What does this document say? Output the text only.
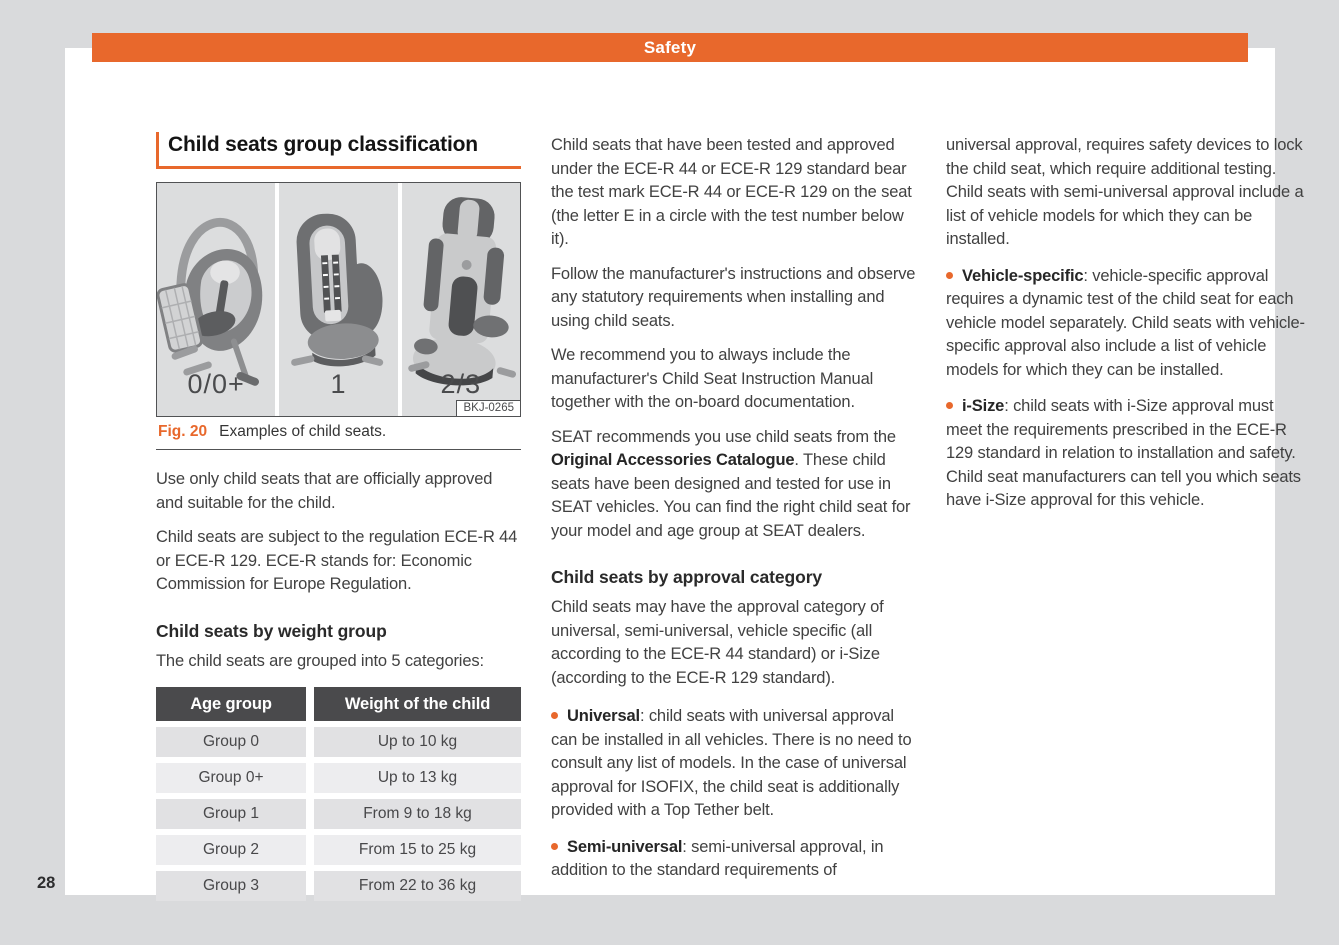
Safety
Child seats group classification
0/0+	1	2/3
BKJ-0265
Fig. 20 Examples of child seats.

Use only child seats that are officially approved and suitable for the child.

Child seats are subject to the regulation ECE-R 44 or ECE-R 129. ECE-R stands for: Economic Commission for Europe Regulation.

Child seats by weight group

The child seats are grouped into 5 categories:

Age group	Weight of the child
Group 0	Up to 10 kg
Group 0+	Up to 13 kg
Group 1	From 9 to 18 kg
Group 2	From 15 to 25 kg
Group 3	From 22 to 36 kg

Child seats that have been tested and approved under the ECE-R 44 or ECE-R 129 standard bear the test mark ECE-R 44 or ECE-R 129 on the seat (the letter E in a circle with the test number below it).

Follow the manufacturer's instructions and observe any statutory requirements when installing and using child seats.

We recommend you to always include the manufacturer's Child Seat Instruction Manual together with the on-board documentation.

SEAT recommends you use child seats from the Original Accessories Catalogue. These child seats have been designed and tested for use in SEAT vehicles. You can find the right child seat for your model and age group at SEAT dealers.

Child seats by approval category

Child seats may have the approval category of universal, semi-universal, vehicle specific (all according to the ECE-R 44 standard) or i-Size (according to the ECE-R 129 standard).

Universal: child seats with universal approval can be installed in all vehicles. There is no need to consult any list of models. In the case of universal approval for ISOFIX, the child seat is additionally provided with a Top Tether belt.

Semi-universal: semi-universal approval, in addition to the standard requirements of

universal approval, requires safety devices to lock the child seat, which require additional testing. Child seats with semi-universal approval include a list of vehicle models for which they can be installed.

Vehicle-specific: vehicle-specific approval requires a dynamic test of the child seat for each vehicle model separately. Child seats with vehicle-specific approval also include a list of vehicle models for which they can be installed.

i-Size: child seats with i-Size approval must meet the requirements prescribed in the ECE-R 129 standard in relation to installation and safety. Child seat manufacturers can tell you which seats have i-Size approval for this vehicle.

28
